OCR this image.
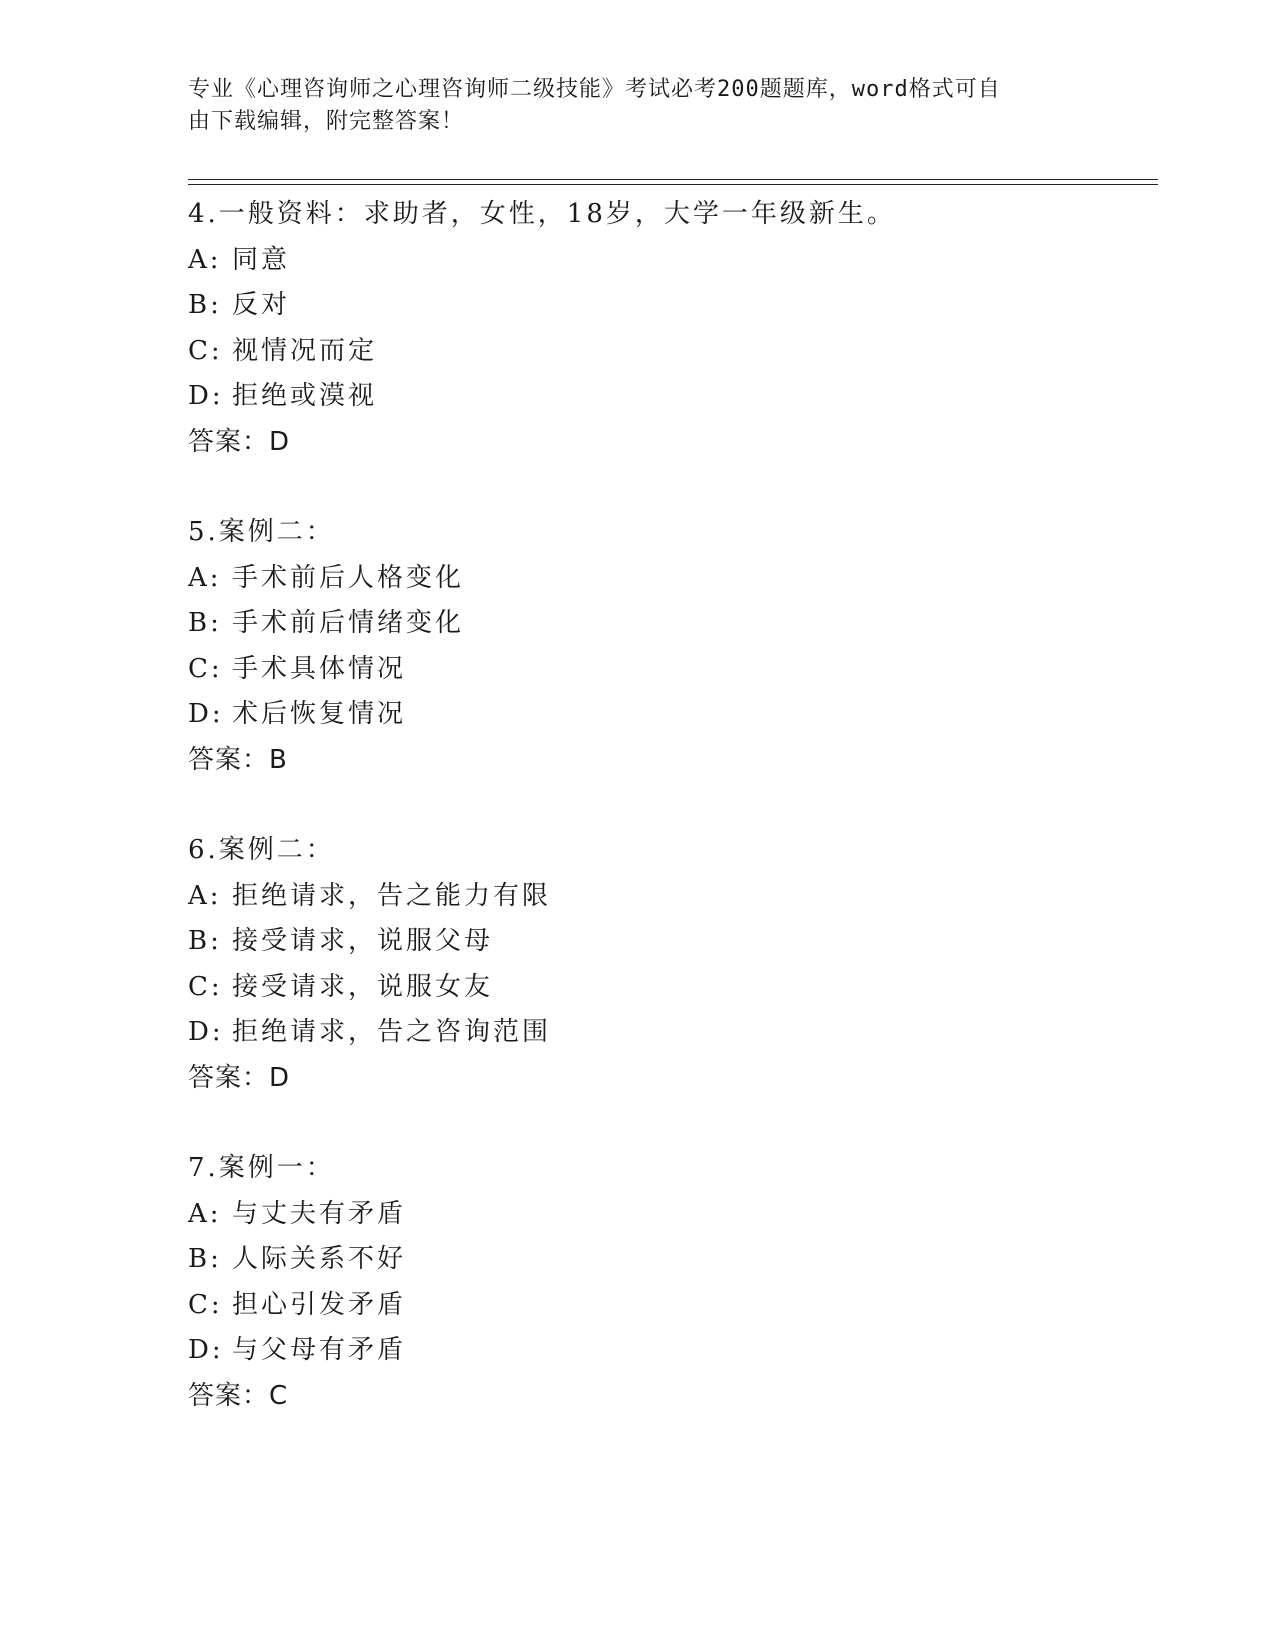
专业《心理咨询师之心理咨询师二级技能》考试必考200题题库，word格式可自
由下载编辑，附完整答案！
4.一般资料：求助者，女性，18岁，大学一年级新生。
A: 同意
B: 反对
C: 视情况而定
D: 拒绝或漠视
答案：D
5.案例二：
A: 手术前后人格变化
B: 手术前后情绪变化
C: 手术具体情况
D: 术后恢复情况
答案：B
6.案例二：
A: 拒绝请求，告之能力有限
B: 接受请求，说服父母
C: 接受请求，说服女友
D: 拒绝请求，告之咨询范围
答案：D
7.案例一：
A: 与丈夫有矛盾
B: 人际关系不好
C: 担心引发矛盾
D: 与父母有矛盾
答案：C
